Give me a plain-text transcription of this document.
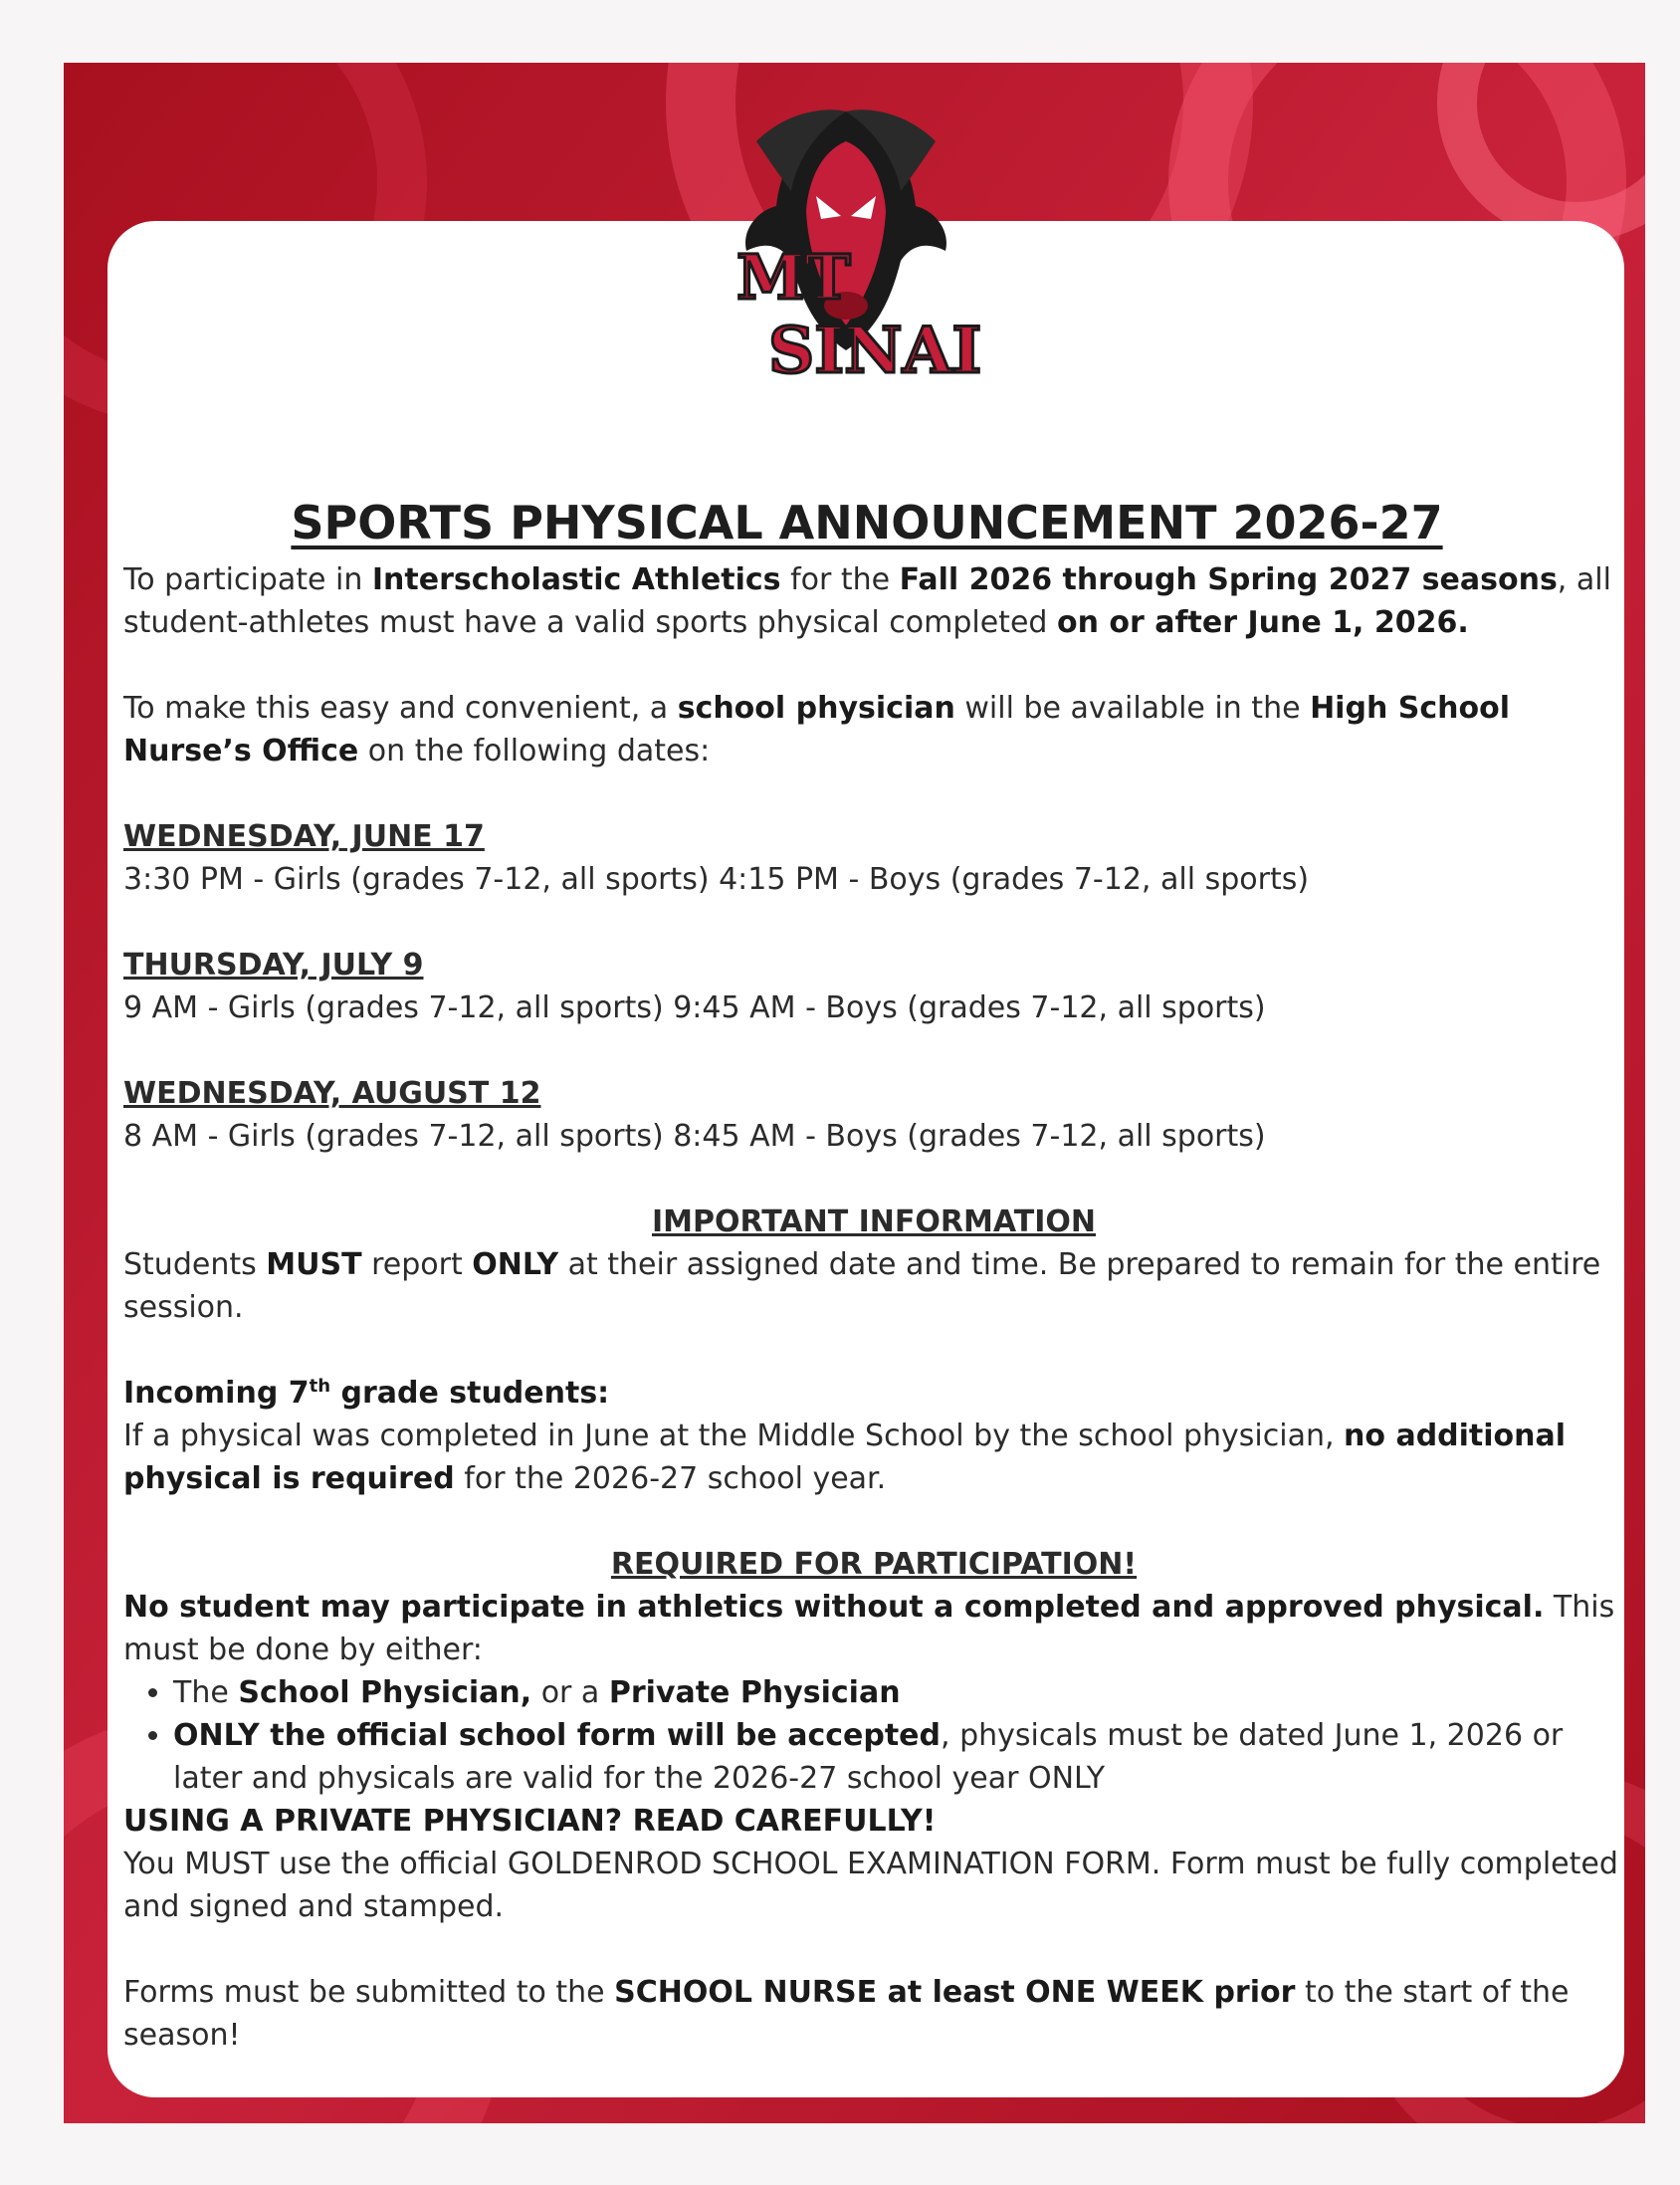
MT
SINAI

SPORTS PHYSICAL ANNOUNCEMENT 2026-27

To participate in Interscholastic Athletics for the Fall 2026 through Spring 2027 seasons, all student-athletes must have a valid sports physical completed on or after June 1, 2026.

To make this easy and convenient, a school physician will be available in the High School Nurse’s Office on the following dates:

WEDNESDAY, JUNE 17

3:30 PM - Girls (grades 7-12, all sports) 4:15 PM - Boys (grades 7-12, all sports)

THURSDAY, JULY 9

9 AM - Girls (grades 7-12, all sports) 9:45 AM - Boys (grades 7-12, all sports)

WEDNESDAY, AUGUST 12

8 AM - Girls (grades 7-12, all sports) 8:45 AM - Boys (grades 7-12, all sports)

IMPORTANT INFORMATION

Students MUST report ONLY at their assigned date and time. Be prepared to remain for the entire session.

Incoming 7th grade students:

If a physical was completed in June at the Middle School by the school physician, no additional physical is required for the 2026-27 school year.

REQUIRED FOR PARTICIPATION!

No student may participate in athletics without a completed and approved physical. This must be done by either:

• The School Physician, or a Private Physician
• ONLY the official school form will be accepted, physicals must be dated June 1, 2026 or later and physicals are valid for the 2026-27 school year ONLY

USING A PRIVATE PHYSICIAN? READ CAREFULLY!

You MUST use the official GOLDENROD SCHOOL EXAMINATION FORM. Form must be fully completed and signed and stamped.

Forms must be submitted to the SCHOOL NURSE at least ONE WEEK prior to the start of the season!
